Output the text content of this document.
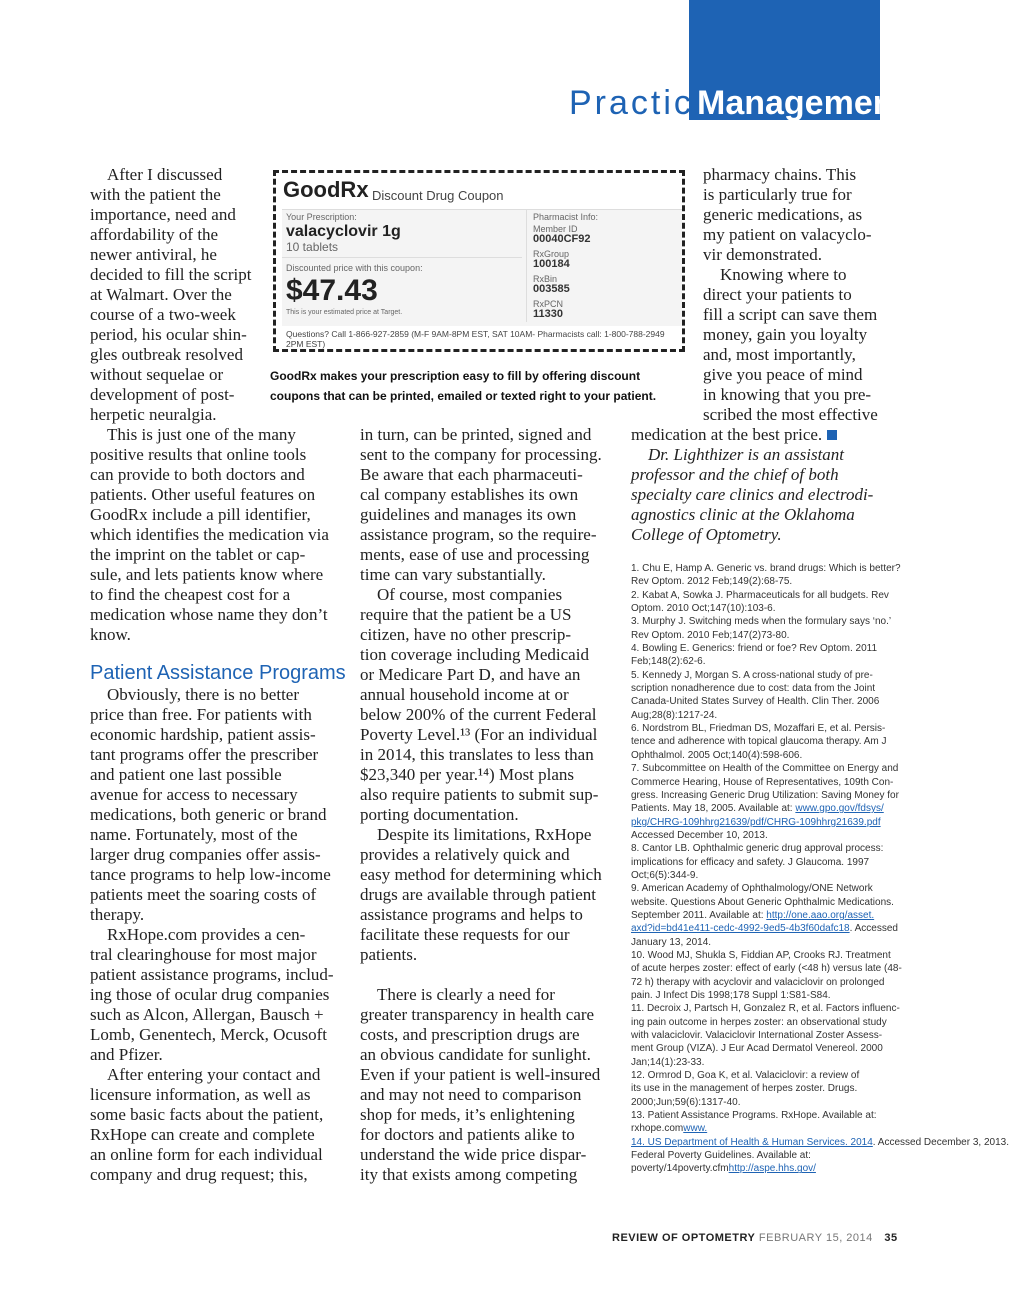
Practice
Management
After I discussed
with the patient the
importance, need and
affordability of the
newer antiviral, he
decided to fill the script
at Walmart. Over the
course of a two-week
period, his ocular shin-
gles outbreak resolved
without sequelae or
development of post-
herpetic neuralgia.
GoodRx Discount Drug Coupon
Your Prescription:
valacyclovir 1g
10 tablets
Discounted price with this coupon:
$47.43
This is your estimated price at Target.
Pharmacist Info:
Member ID
00040CF92
RxGroup
100184
RxBin
003585
RxPCN
11330
Questions? Call 1-866-927-2859 (M-F 9AM-8PM EST, SAT 10AM- Pharmacists call: 1-800-788-2949
2PM EST)
GoodRx makes your prescription easy to fill by offering discount
coupons that can be printed, emailed or texted right to your patient.
This is just one of the many
positive results that online tools
can provide to both doctors and
patients. Other useful features on
GoodRx include a pill identifier,
which identifies the medication via
the imprint on the tablet or cap-
sule, and lets patients know where
to find the cheapest cost for a
medication whose name they don’t
know.
Patient Assistance Programs
Obviously, there is no better
price than free. For patients with
economic hardship, patient assis-
tant programs offer the prescriber
and patient one last possible
avenue for access to necessary
medications, both generic or brand
name. Fortunately, most of the
larger drug companies offer assis-
tance programs to help low-income
patients meet the soaring costs of
therapy.
RxHope.com provides a cen-
tral clearinghouse for most major
patient assistance programs, includ-
ing those of ocular drug companies
such as Alcon, Allergan, Bausch +
Lomb, Genentech, Merck, Ocusoft
and Pfizer.
After entering your contact and
licensure information, as well as
some basic facts about the patient,
RxHope can create and complete
an online form for each individual
company and drug request; this,
in turn, can be printed, signed and
sent to the company for processing.
Be aware that each pharmaceuti-
cal company establishes its own
guidelines and manages its own
assistance program, so the require-
ments, ease of use and processing
time can vary substantially.
Of course, most companies
require that the patient be a US
citizen, have no other prescrip-
tion coverage including Medicaid
or Medicare Part D, and have an
annual household income at or
below 200% of the current Federal
Poverty Level.¹³ (For an individual
in 2014, this translates to less than
$23,340 per year.¹⁴) Most plans
also require patients to submit sup-
porting documentation.
Despite its limitations, RxHope
provides a relatively quick and
easy method for determining which
drugs are available through patient
assistance programs and helps to
facilitate these requests for our
patients.
There is clearly a need for
greater transparency in health care
costs, and prescription drugs are
an obvious candidate for sunlight.
Even if your patient is well-insured
and may not need to comparison
shop for meds, it’s enlightening
for doctors and patients alike to
understand the wide price dispar-
ity that exists among competing
pharmacy chains. This
is particularly true for
generic medications, as
my patient on valacyclo-
vir demonstrated.
Knowing where to
direct your patients to
fill a script can save them
money, gain you loyalty
and, most importantly,
give you peace of mind
in knowing that you pre-
scribed the most effective
medication at the best price.
Dr. Lighthizer is an assistant
professor and the chief of both
specialty care clinics and electrodi-
agnostics clinic at the Oklahoma
College of Optometry.
1. Chu E, Hamp A. Generic vs. brand drugs: Which is better?
Rev Optom. 2012 Feb;149(2):68-75.
2. Kabat A, Sowka J. Pharmaceuticals for all budgets. Rev
Optom. 2010 Oct;147(10):103-6.
3. Murphy J. Switching meds when the formulary says ‘no.’
Rev Optom. 2010 Feb;147(2)73-80.
4. Bowling E. Generics: friend or foe? Rev Optom. 2011
Feb;148(2):62-6.
5. Kennedy J, Morgan S. A cross-national study of pre-
scription nonadherence due to cost: data from the Joint
Canada-United States Survey of Health. Clin Ther. 2006
Aug;28(8):1217-24.
6. Nordstrom BL, Friedman DS, Mozaffari E, et al. Persis-
tence and adherence with topical glaucoma therapy. Am J
Ophthalmol. 2005 Oct;140(4):598-606.
7. Subcommittee on Health of the Committee on Energy and
Commerce Hearing, House of Representatives, 109th Con-
gress. Increasing Generic Drug Utilization: Saving Money for
Patients. May 18, 2005. Available at: www.gpo.gov/fdsys/
pkg/CHRG-109hhrg21639/pdf/CHRG-109hhrg21639.pdf
Accessed December 10, 2013.
8. Cantor LB. Ophthalmic generic drug approval process:
implications for efficacy and safety. J Glaucoma. 1997
Oct;6(5):344-9.
9. American Academy of Ophthalmology/ONE Network
website. Questions About Generic Ophthalmic Medications.
September 2011. Available at: http://one.aao.org/asset.
axd?id=bd41e411-cedc-4992-9ed5-4b3f60dafc18. Accessed
January 13, 2014.
10. Wood MJ, Shukla S, Fiddian AP, Crooks RJ. Treatment
of acute herpes zoster: effect of early (<48 h) versus late (48-
72 h) therapy with acyclovir and valaciclovir on prolonged
pain. J Infect Dis 1998;178 Suppl 1:S81-S84.
11. Decroix J, Partsch H, Gonzalez R, et al. Factors influenc-
ing pain outcome in herpes zoster: an observational study
with valaciclovir. Valaciclovir International Zoster Assess-
ment Group (VIZA). J Eur Acad Dermatol Venereol. 2000
Jan;14(1):23-33.
12. Ormrod D, Goa K, et al. Valaciclovir: a review of
its use in the management of herpes zoster. Drugs.
2000;Jun;59(6):1317-40.
13. Patient Assistance Programs. RxHope. Available at:
rxhope.comwww.
14. US Department of Health & Human Services. 2014. Accessed December 3, 2013.
Federal Poverty Guidelines. Available at:
poverty/14poverty.cfmhttp://aspe.hhs.gov/
REVIEW OF OPTOMETRY FEBRUARY 15, 2014 35
